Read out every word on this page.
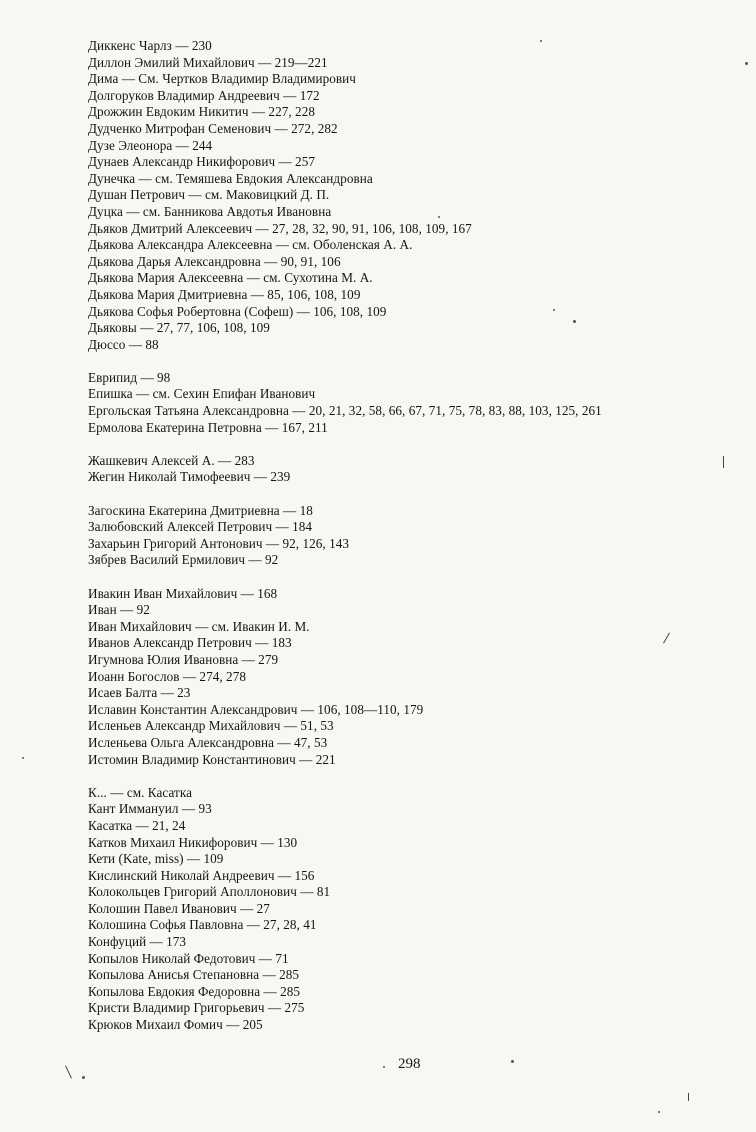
Диккенс Чарлз — 230
Диллон Эмилий Михайлович — 219—221
Дима — См. Чертков Владимир Владимирович
Долгоруков Владимир Андреевич — 172
Дрожжин Евдоким Никитич — 227, 228
Дудченко Митрофан Семенович — 272, 282
Дузе Элеонора — 244
Дунаев Александр Никифорович — 257
Дунечка — см. Темяшева Евдокия Александровна
Душан Петрович — см. Маковицкий Д. П.
Дуцка — см. Банникова Авдотья Ивановна
Дьяков Дмитрий Алексеевич — 27, 28, 32, 90, 91, 106, 108, 109, 167
Дьякова Александра Алексеевна — см. Оболенская А. А.
Дьякова Дарья Александровна — 90, 91, 106
Дьякова Мария Алексеевна — см. Сухотина М. А.
Дьякова Мария Дмитриевна — 85, 106, 108, 109
Дьякова Софья Робертовна (Софеш) — 106, 108, 109
Дьяковы — 27, 77, 106, 108, 109
Дюссо — 88
Еврипид — 98
Епишка — см. Сехин Епифан Иванович
Ергольская Татьяна Александровна — 20, 21, 32, 58, 66, 67, 71, 75, 78, 83, 88, 103, 125, 261
Ермолова Екатерина Петровна — 167, 211
Жашкевич Алексей А. — 283
Жегин Николай Тимофеевич — 239
Загоскина Екатерина Дмитриевна — 18
Залюбовский Алексей Петрович — 184
Захарьин Григорий Антонович — 92, 126, 143
Зябрев Василий Ермилович — 92
Ивакин Иван Михайлович — 168
Иван — 92
Иван Михайлович — см. Ивакин И. М.
Иванов Александр Петрович — 183
Игумнова Юлия Ивановна — 279
Иоанн Богослов — 274, 278
Исаев Балта — 23
Иславин Константин Александрович — 106, 108—110, 179
Исленьев Александр Михайлович — 51, 53
Исленьева Ольга Александровна — 47, 53
Истомин Владимир Константинович — 221
К... — см. Касатка
Кант Иммануил — 93
Касатка — 21, 24
Катков Михаил Никифорович — 130
Кети (Kate, miss) — 109
Кислинский Николай Андреевич — 156
Колокольцев Григорий Аполлонович — 81
Колошин Павел Иванович — 27
Колошина Софья Павловна — 27, 28, 41
Конфуций — 173
Копылов Николай Федотович — 71
Копылова Анисья Степановна — 285
Копылова Евдокия Федоровна — 285
Кристи Владимир Григорьевич — 275
Крюков Михаил Фомич — 205
298
